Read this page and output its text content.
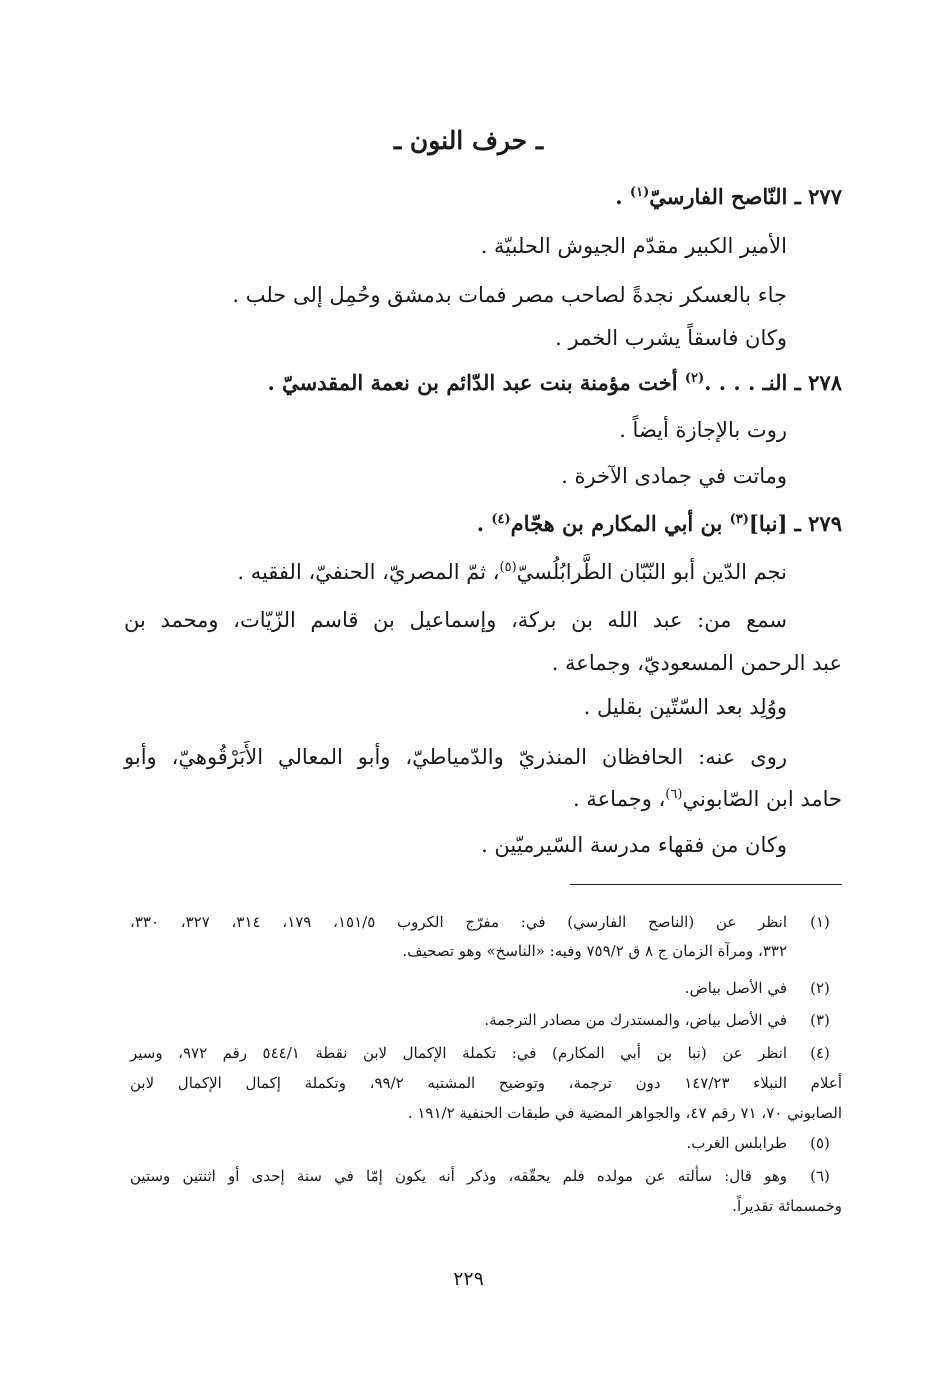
ـ حرف النون ـ
٢٧٧ ـ النّاصح الفارسيّ$^{(١)}$ .
الأمير الكبير مقدّم الجيوش الحلبيّة .
جاء بالعسكر نجدةً لصاحب مصر فمات بدمشق وحُمِل إلى حلب .
وكان فاسقاً يشرب الخمر .
٢٧٨ ـ النـ . . . .$^{(٢)}$ أخت مؤمنة بنت عبد الدّائم بن نعمة المقدسيّ .
روت بالإجازة أيضاً .
وماتت في جمادى الآخرة .
٢٧٩ ـ [نبا]$^{(٣)}$ بن أبي المكارم بن هجّام$^{(٤)}$ .
نجم الدّين أبو النّبّان الطَّرابُلُسيّ$^{(٥)}$، ثمّ المصريّ، الحنفيّ، الفقيه .
سمع من: عبد الله بن بركة، وإسماعيل بن قاسم الزّيّات، ومحمد بن
عبد الرحمن المسعوديّ، وجماعة .
ووُلِد بعد السّتّين بقليل .
روى عنه: الحافظان المنذريّ والدّمياطيّ، وأبو المعالي الأَبَرْقُوهيّ، وأبو
حامد ابن الصّابوني$^{(٦)}$، وجماعة .
وكان من فقهاء مدرسة السّيرميّين .
(١)
انظر عن (الناصح الفارسي) في: مفرّج الكروب ١٥١/٥، ١٧٩، ٣١٤، ٣٢٧، ٣٣٠،
٣٣٢، ومرآة الزمان ج ٨ ق ٧٥٩/٢ وفيه: «الناسخ» وهو تصحيف.
(٢)
في الأصل بياض.
(٣)
في الأصل بياض، والمستدرك من مصادر الترجمة.
(٤)
انظر عن (نبا بن أبي المكارم) في: تكملة الإكمال لابن نقطة ٥٤٤/١ رقم ٩٧٢، وسير
أعلام النبلاء ١٤٧/٢٣ دون ترجمة، وتوضيح المشتبه ٩٩/٢، وتكملة إكمال الإكمال لابن
الصابوني ٧٠، ٧١ رقم ٤٧، والجواهر المضية في طبقات الحنفية ١٩١/٢ .
(٥)
طرابلس الغرب.
(٦)
وهو قال: سألته عن مولده فلم يحقّقه، وذكر أنه يكون إمّا في سنة إحدى أو اثنتين وستين
وخمسمائة تقديراً.
٢٢٩
